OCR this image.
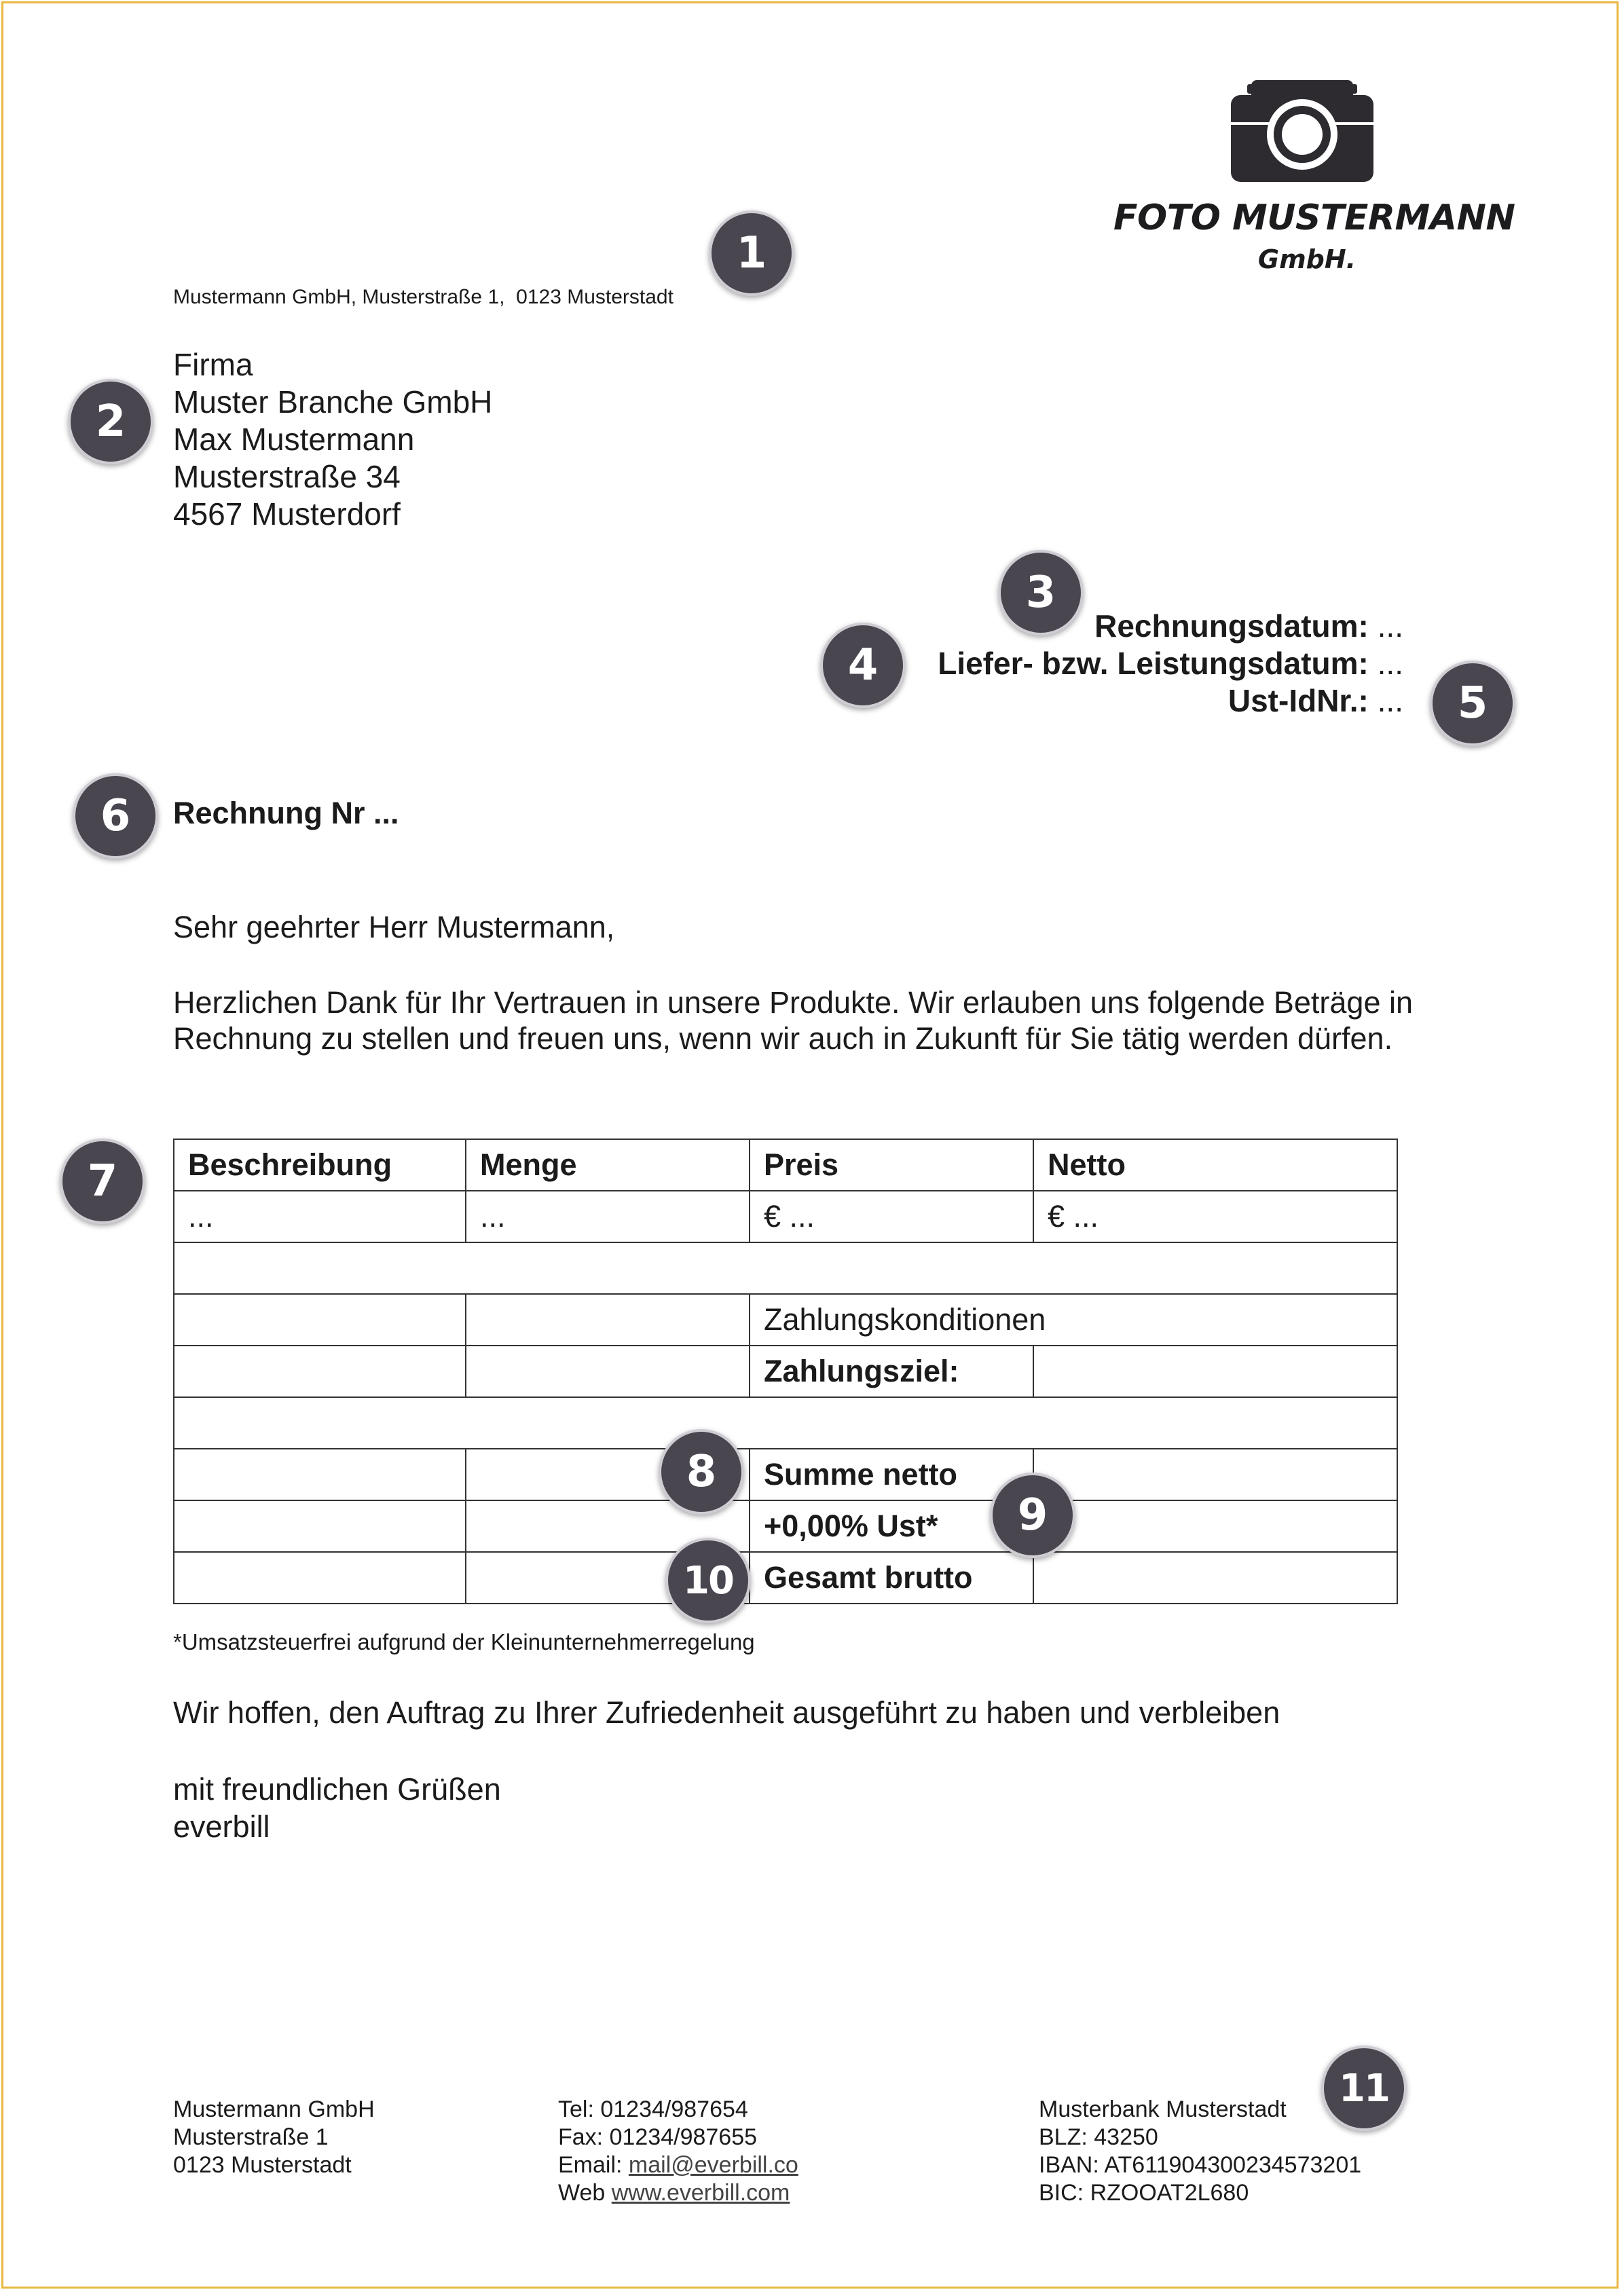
FOTO MUSTERMANN
GmbH.
Mustermann GmbH, Musterstraße 1,  0123 Musterstadt
Firma
Muster Branche GmbH
Max Mustermann
Musterstraße 34
4567 Musterdorf
Rechnungsdatum: ...
Liefer- bzw. Leistungsdatum: ...
Ust-IdNr.: ...
Rechnung Nr ...
Sehr geehrter Herr Mustermann,
Herzlichen Dank für Ihr Vertrauen in unsere Produkte. Wir erlauben uns folgende Beträge in Rechnung zu stellen und freuen uns, wenn wir auch in Zukunft für Sie tätig werden dürfen.
Beschreibung	Menge	Preis	Netto
...	...	€ ...	€ ...

		Zahlungskonditionen	
		Zahlungsziel:	

		Summe netto	
		+0,00% Ust*	
		Gesamt brutto	
*Umsatzsteuerfrei aufgrund der Kleinunternehmerregelung
Wir hoffen, den Auftrag zu Ihrer Zufriedenheit ausgeführt zu haben und verbleiben
mit freundlichen Grüßen
everbill
Mustermann GmbH
Musterstraße 1
0123 Musterstadt
Tel: 01234/987654
Fax: 01234/987655
Email: mail@everbill.co
Web www.everbill.com
Musterbank Musterstadt
BLZ: 43250
IBAN: AT611904300234573201
BIC: RZOOAT2L680
1
2
3
4
5
6
7
8
9
10
11
